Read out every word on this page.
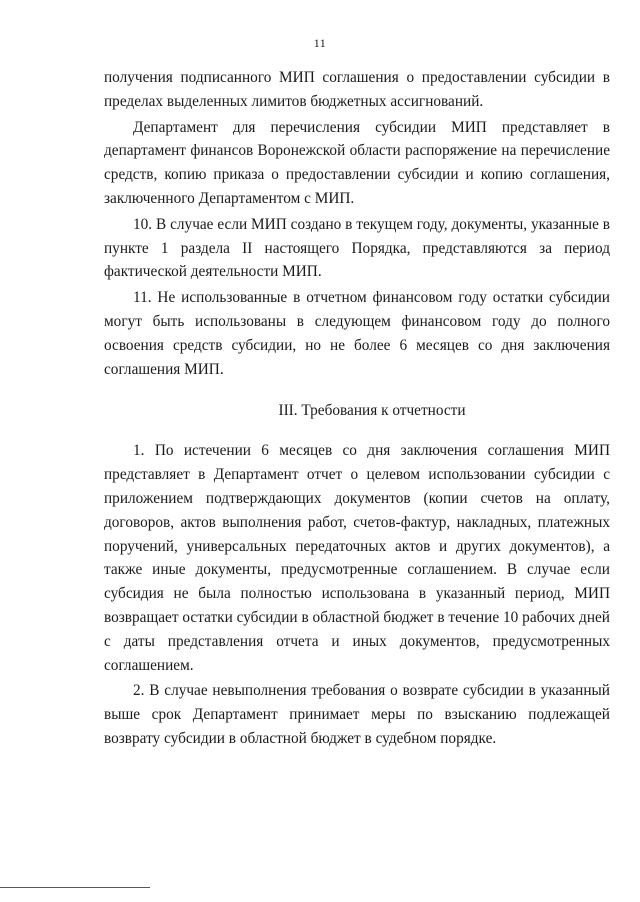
11

получения подписанного МИП соглашения о предоставлении субсидии в пределах выделенных лимитов бюджетных ассигнований.

Департамент для перечисления субсидии МИП представляет в департамент финансов Воронежской области распоряжение на перечисление средств, копию приказа о предоставлении субсидии и копию соглашения, заключенного Департаментом с МИП.

10. В случае если МИП создано в текущем году, документы, указанные в пункте 1 раздела II настоящего Порядка, представляются за период фактической деятельности МИП.

11. Не использованные в отчетном финансовом году остатки субсидии могут быть использованы в следующем финансовом году до полного освоения средств субсидии, но не более 6 месяцев со дня заключения соглашения МИП.

III. Требования к отчетности

1. По истечении 6 месяцев со дня заключения соглашения МИП представляет в Департамент отчет о целевом использовании субсидии с приложением подтверждающих документов (копии счетов на оплату, договоров, актов выполнения работ, счетов-фактур, накладных, платежных поручений, универсальных передаточных актов и других документов), а также иные документы, предусмотренные соглашением. В случае если субсидия не была полностью использована в указанный период, МИП возвращает остатки субсидии в областной бюджет в течение 10 рабочих дней с даты представления отчета и иных документов, предусмотренных соглашением.

2. В случае невыполнения требования о возврате субсидии в указанный выше срок Департамент принимает меры по взысканию подлежащей возврату субсидии в областной бюджет в судебном порядке.
